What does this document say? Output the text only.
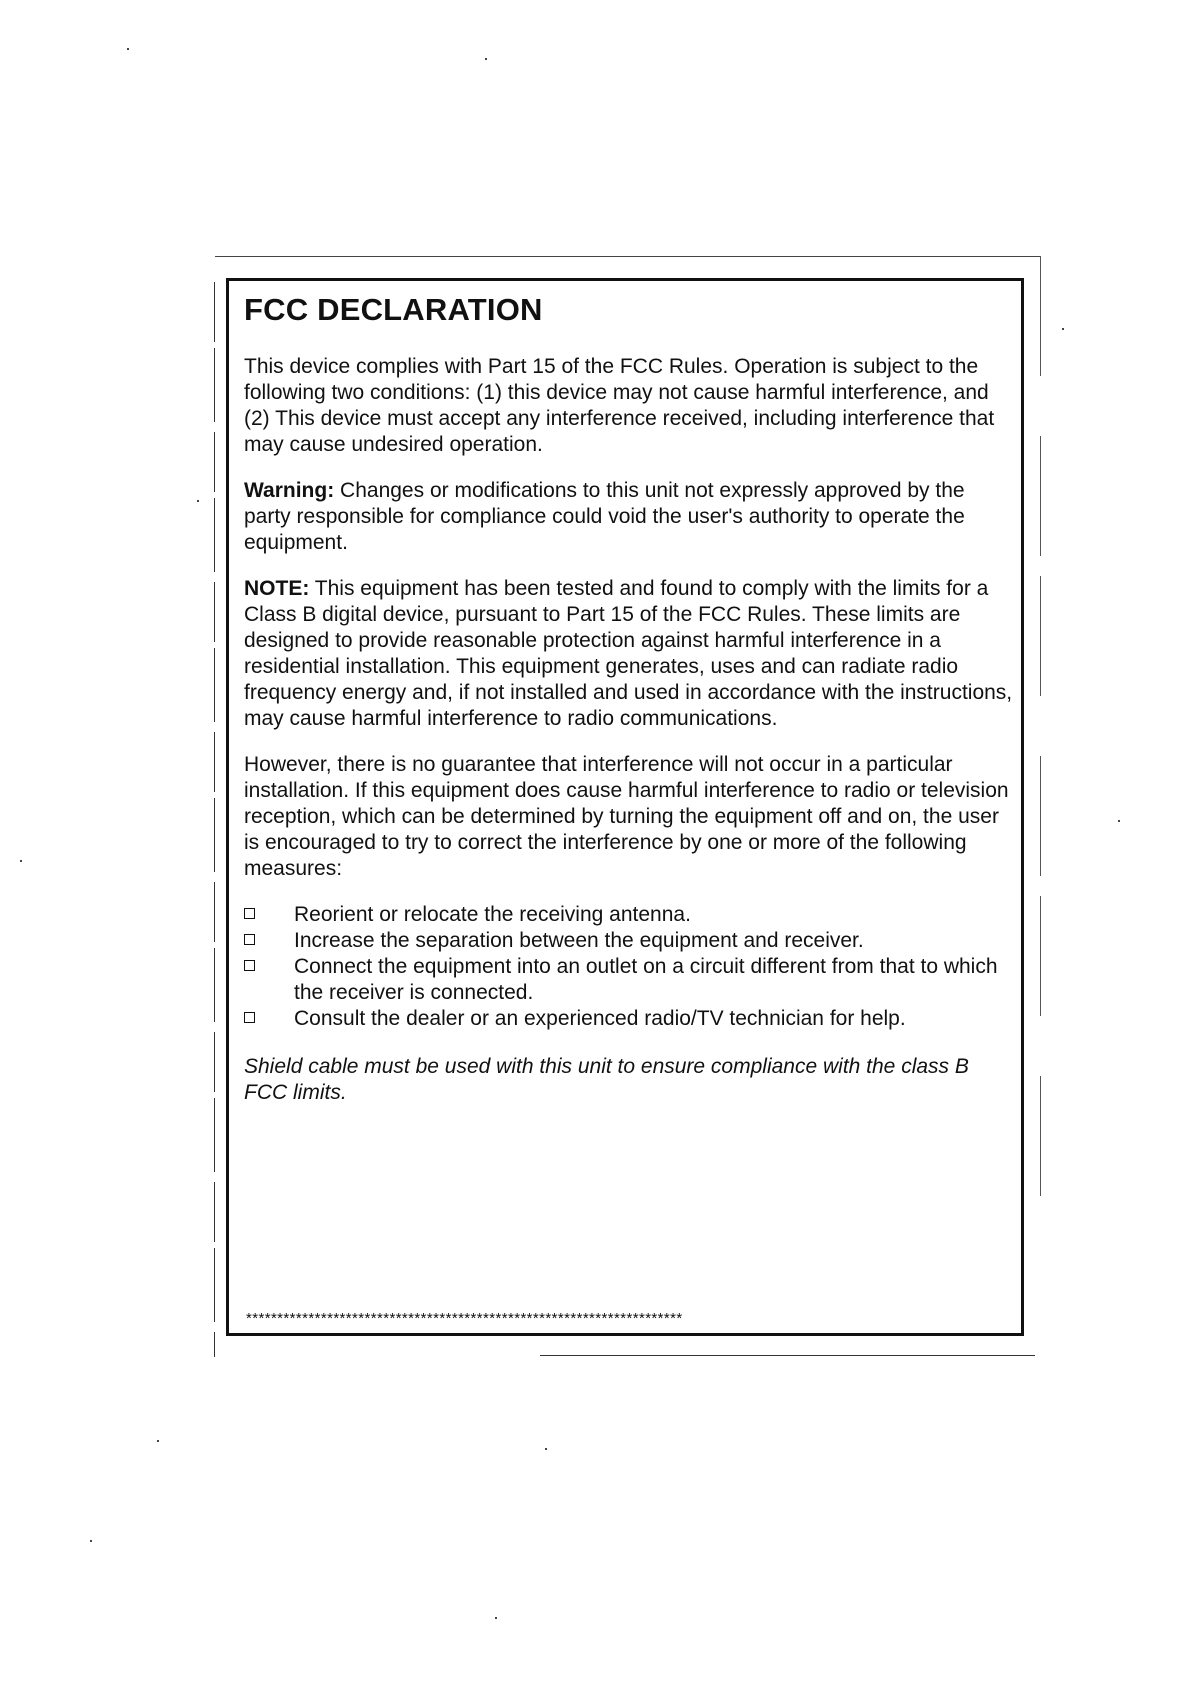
FCC DECLARATION

This device complies with Part 15 of the FCC Rules. Operation is subject to the following two conditions: (1) this device may not cause harmful interference, and (2) This device must accept any interference received, including interference that may cause undesired operation.

Warning: Changes or modifications to this unit not expressly approved by the party responsible for compliance could void the user's authority to operate the equipment.

NOTE: This equipment has been tested and found to comply with the limits for a Class B digital device, pursuant to Part 15 of the FCC Rules. These limits are designed to provide reasonable protection against harmful interference in a residential installation. This equipment generates, uses and can radiate radio frequency energy and, if not installed and used in accordance with the instructions, may cause harmful interference to radio communications.

However, there is no guarantee that interference will not occur in a particular installation. If this equipment does cause harmful interference to radio or television reception, which can be determined by turning the equipment off and on, the user is encouraged to try to correct the interference by one or more of the following measures:

Reorient or relocate the receiving antenna.
Increase the separation between the equipment and receiver.
Connect the equipment into an outlet on a circuit different from that to which the receiver is connected.
Consult the dealer or an experienced radio/TV technician for help.

Shield cable must be used with this unit to ensure compliance with the class B FCC limits.

**********************************************************************
